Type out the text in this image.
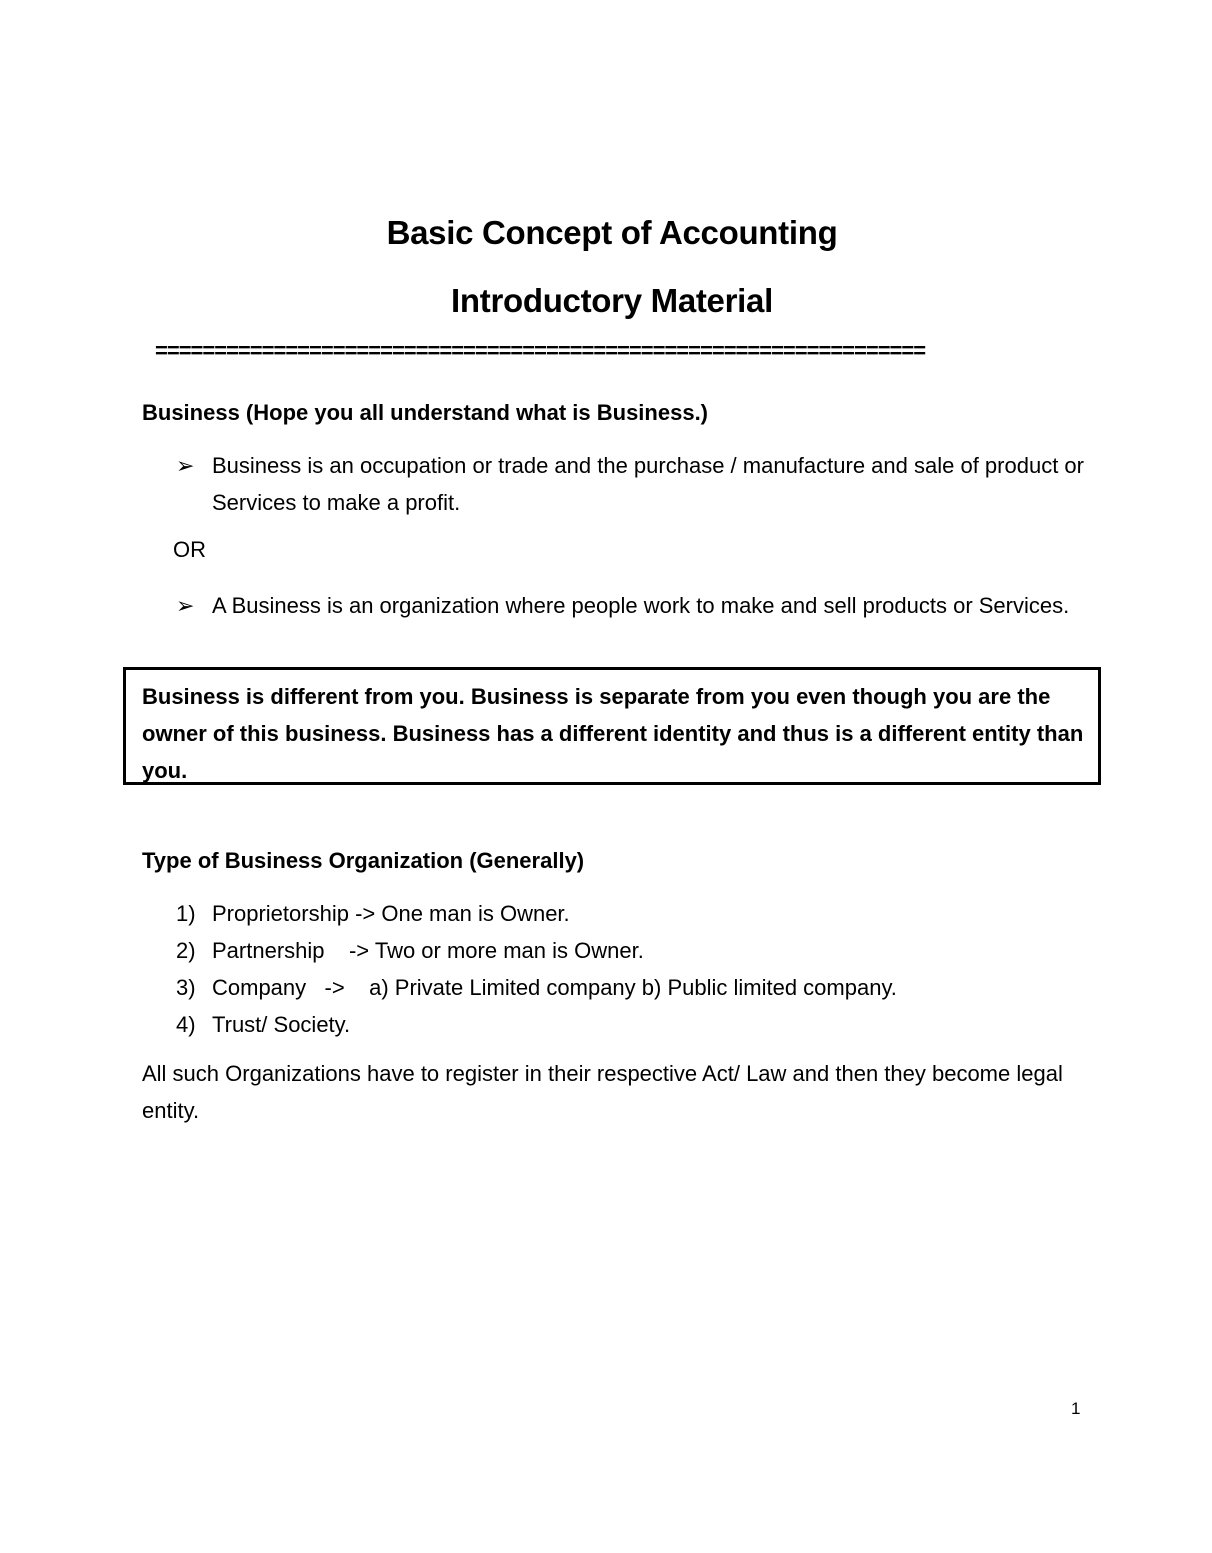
Basic Concept of Accounting
Introductory Material
=================================================================
Business (Hope you all understand what is Business.)
➢ Business is an occupation or trade and the purchase / manufacture and sale of product or Services to make a profit.
OR
➢ A Business is an organization where people work to make and sell products or Services.
Business is different from you. Business is separate from you even though you are the owner of this business. Business has a different identity and thus is a different entity than you.
Type of Business Organization (Generally)
1) Proprietorship -> One man is Owner.
2) Partnership    -> Two or more man is Owner.
3) Company   ->    a) Private Limited company b) Public limited company.
4) Trust/ Society.
All such Organizations have to register in their respective Act/ Law and then they become legal entity.
1
